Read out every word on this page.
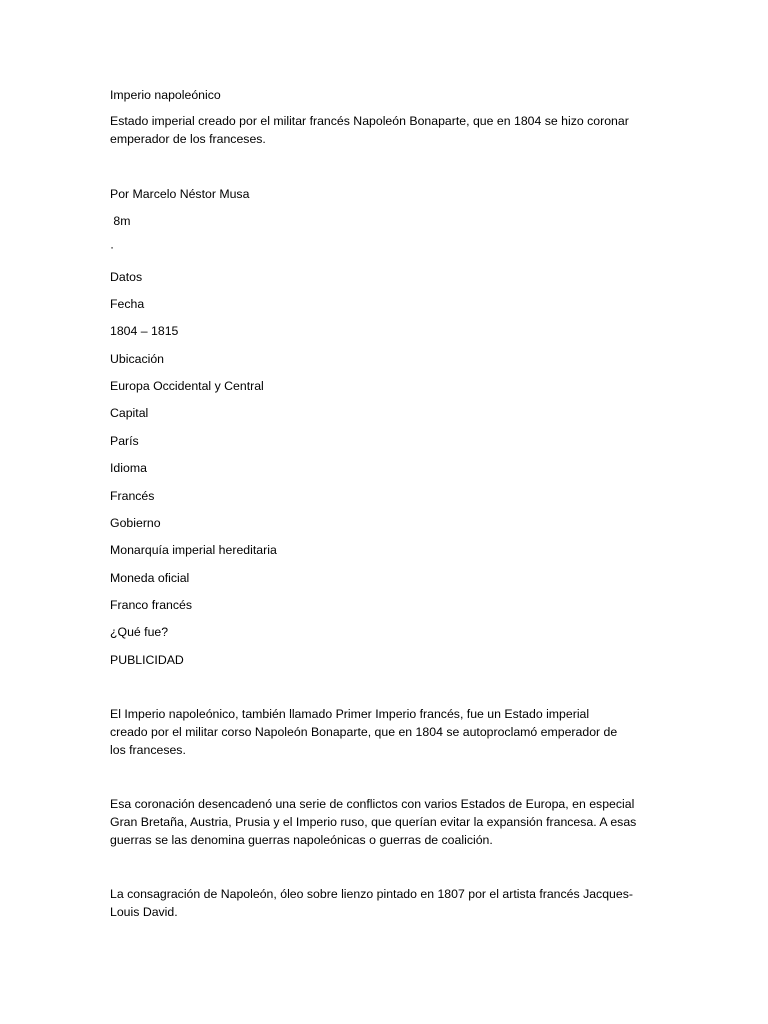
Imperio napoleónico

Estado imperial creado por el militar francés Napoleón Bonaparte, que en 1804 se hizo coronar emperador de los franceses.

Por Marcelo Néstor Musa

8m

·

Datos

Fecha

1804 – 1815

Ubicación

Europa Occidental y Central

Capital

París

Idioma

Francés

Gobierno

Monarquía imperial hereditaria

Moneda oficial

Franco francés

¿Qué fue?

PUBLICIDAD

El Imperio napoleónico, también llamado Primer Imperio francés, fue un Estado imperial creado por el militar corso Napoleón Bonaparte, que en 1804 se autoproclamó emperador de los franceses.

Esa coronación desencadenó una serie de conflictos con varios Estados de Europa, en especial Gran Bretaña, Austria, Prusia y el Imperio ruso, que querían evitar la expansión francesa. A esas guerras se las denomina guerras napoleónicas o guerras de coalición.

La consagración de Napoleón, óleo sobre lienzo pintado en 1807 por el artista francés Jacques-Louis David.
